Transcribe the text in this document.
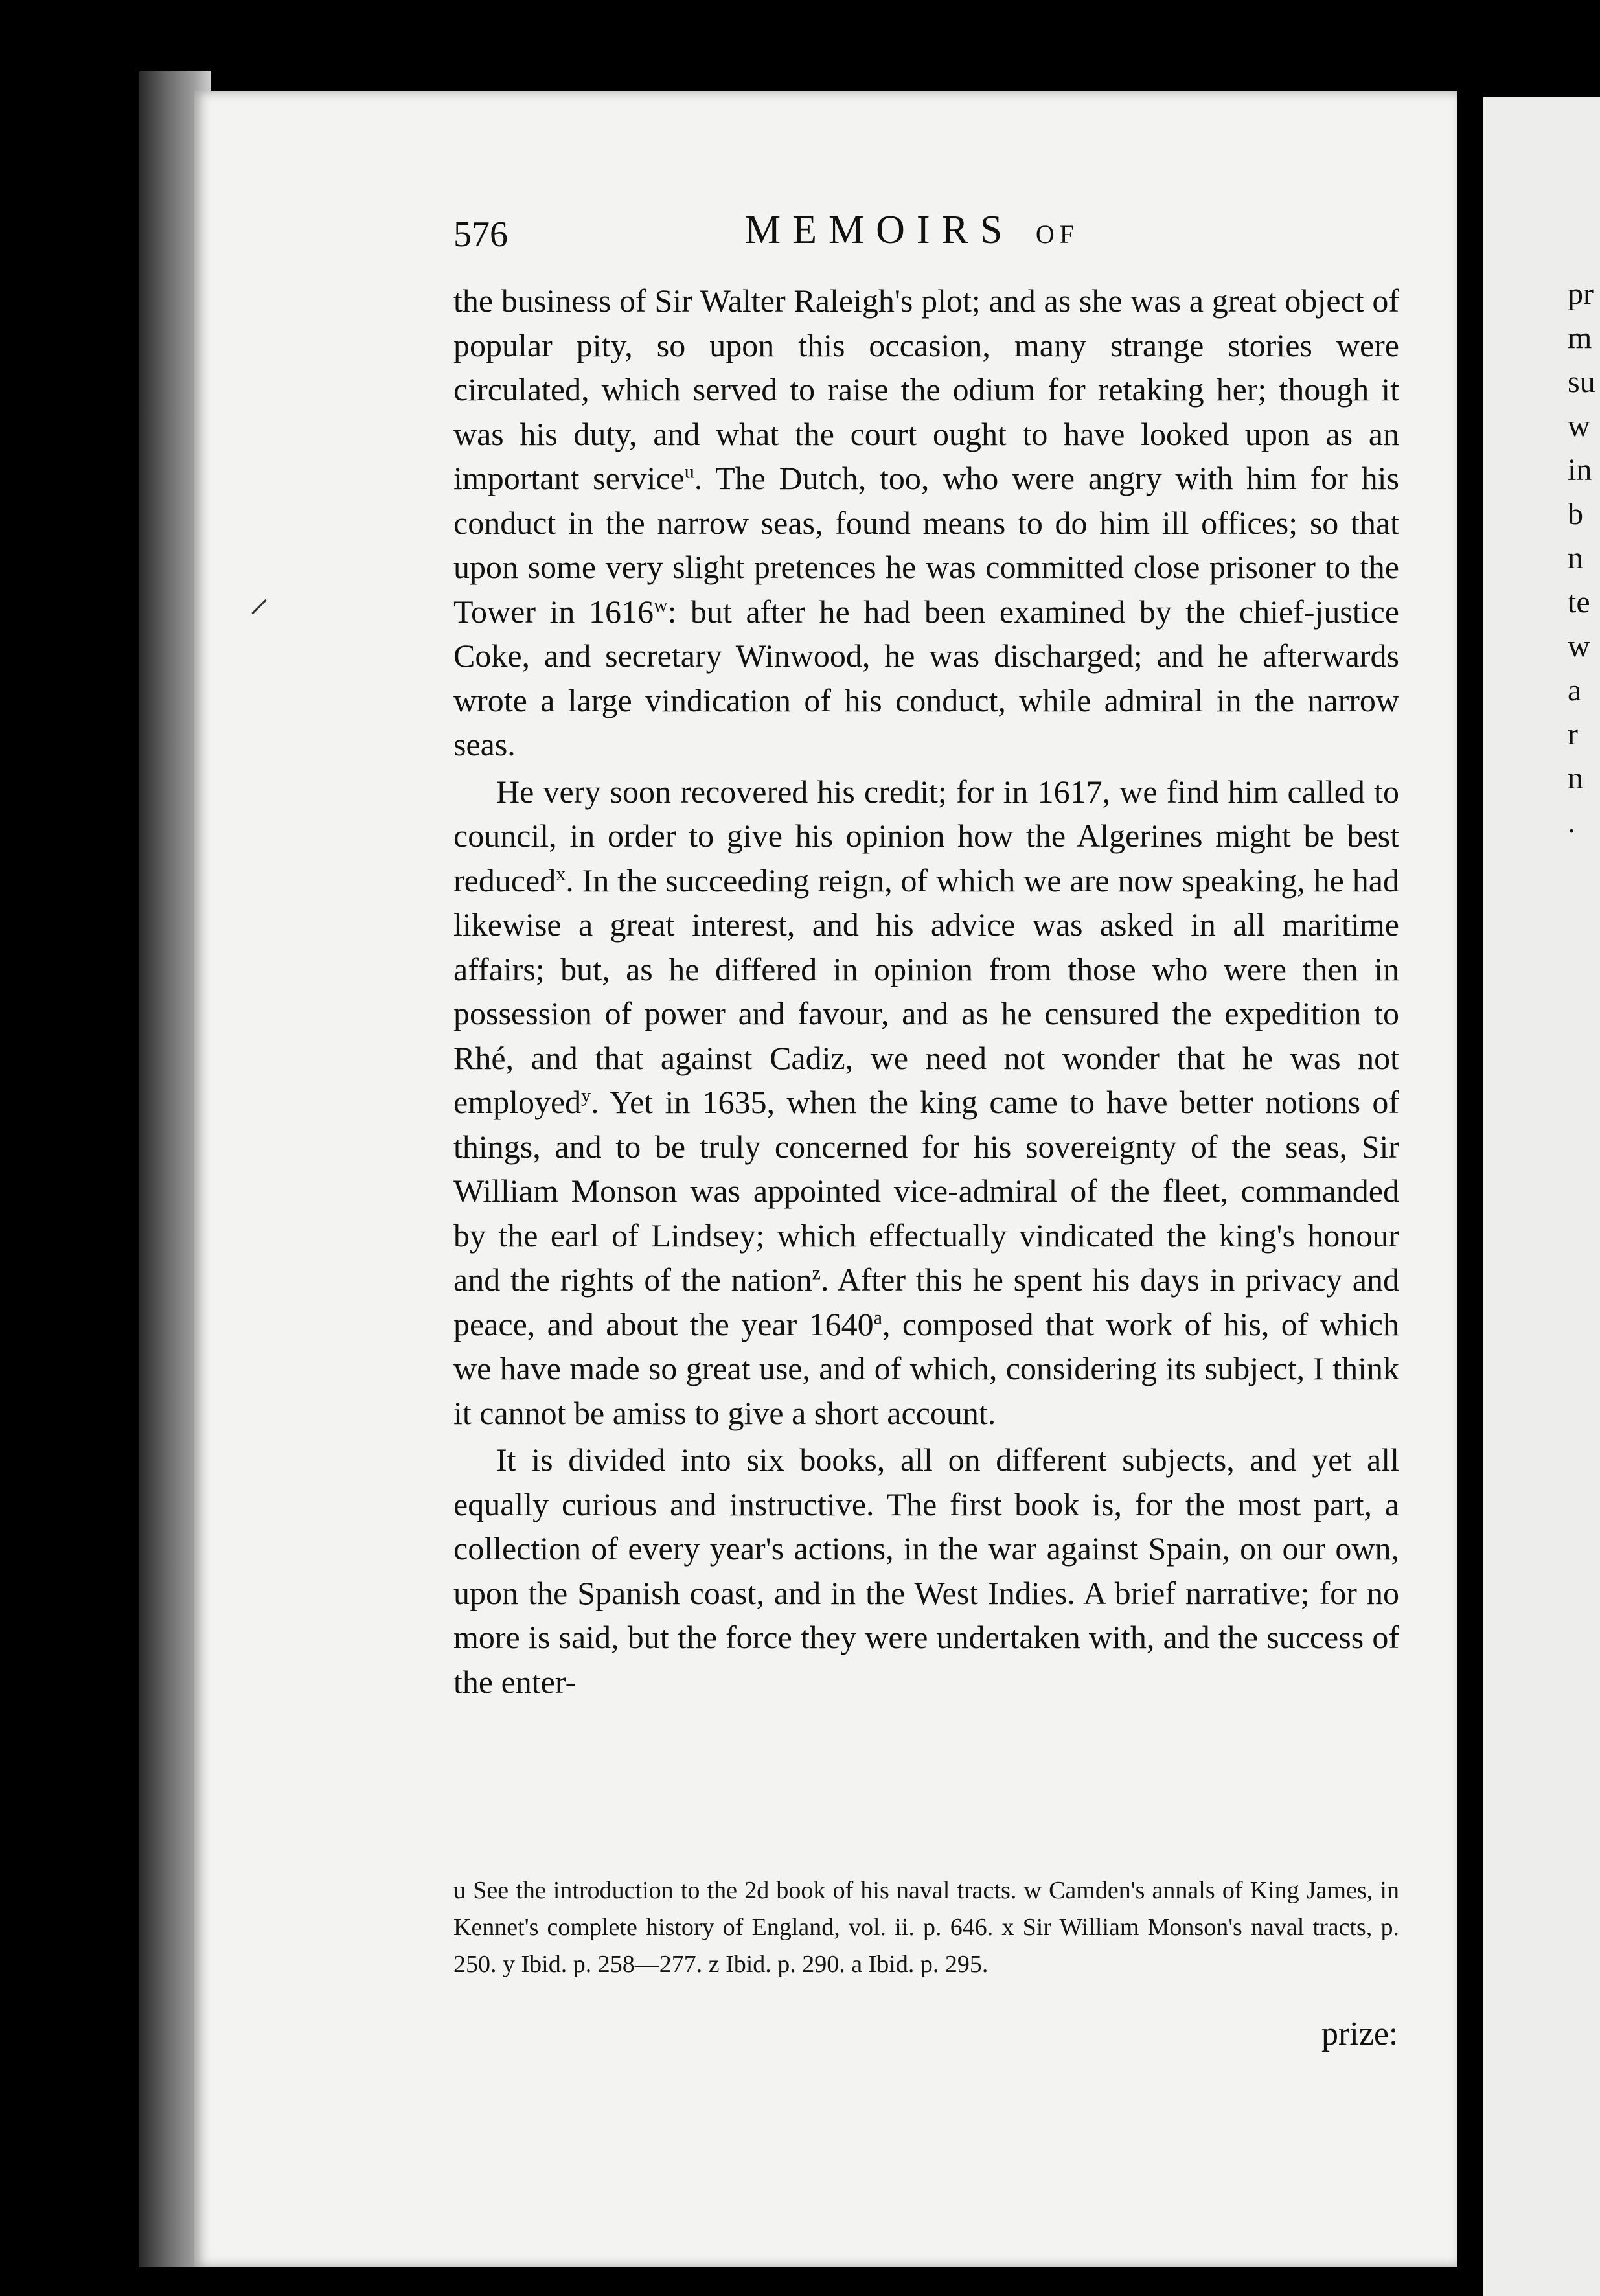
pr
m
su
w
in
b
n
te
w
a
r
n
.
576	MEMOIRS OF

the business of Sir Walter Raleigh's plot; and as she was a great object of popular pity, so upon this occasion, many strange stories were circulated, which served to raise the odium for retaking her; though it was his duty, and what the court ought to have looked upon as an important service$^u$. The Dutch, too, who were angry with him for his conduct in the narrow seas, found means to do him ill offices; so that upon some very slight pretences he was committed close prisoner to the Tower in 1616$^w$: but after he had been examined by the chief-justice Coke, and secretary Winwood, he was discharged; and he afterwards wrote a large vindication of his conduct, while admiral in the narrow seas.

He very soon recovered his credit; for in 1617, we find him called to council, in order to give his opinion how the Algerines might be best reduced$^x$. In the succeeding reign, of which we are now speaking, he had likewise a great interest, and his advice was asked in all maritime affairs; but, as he differed in opinion from those who were then in possession of power and favour, and as he censured the expedition to Rhé, and that against Cadiz, we need not wonder that he was not employed$^y$. Yet in 1635, when the king came to have better notions of things, and to be truly concerned for his sovereignty of the seas, Sir William Monson was appointed vice-admiral of the fleet, commanded by the earl of Lindsey; which effectually vindicated the king's honour and the rights of the nation$^z$. After this he spent his days in privacy and peace, and about the year 1640$^a$, composed that work of his, of which we have made so great use, and of which, considering its subject, I think it cannot be amiss to give a short account.

It is divided into six books, all on different subjects, and yet all equally curious and instructive. The first book is, for the most part, a collection of every year's actions, in the war against Spain, on our own, upon the Spanish coast, and in the West Indies. A brief narrative; for no more is said, but the force they were undertaken with, and the success of the enter-

u See the introduction to the 2d book of his naval tracts. w Camden's annals of King James, in Kennet's complete history of England, vol. ii. p. 646. x Sir William Monson's naval tracts, p. 250. y Ibid. p. 258—277. z Ibid. p. 290. a Ibid. p. 295.

prize:
